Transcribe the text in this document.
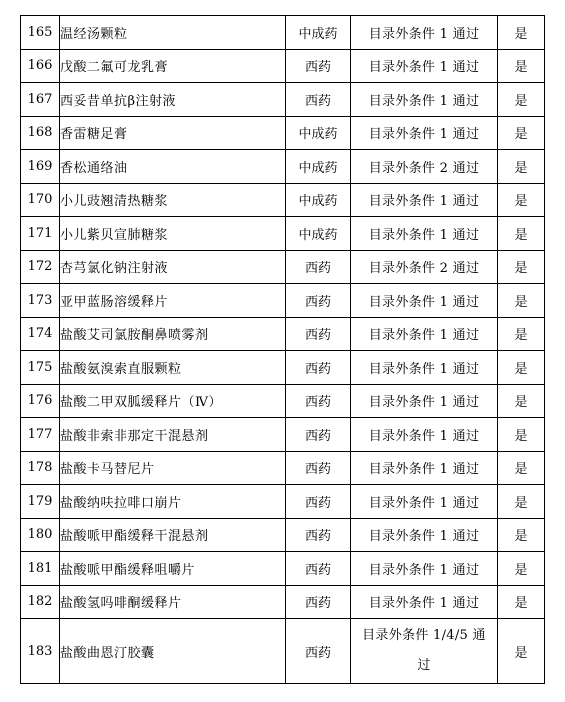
165	温经汤颗粒	中成药	目录外条件 1 通过	是
166	戊酸二氟可龙乳膏	西药	目录外条件 1 通过	是
167	西妥昔单抗β注射液	西药	目录外条件 1 通过	是
168	香雷糖足膏	中成药	目录外条件 1 通过	是
169	香松通络油	中成药	目录外条件 2 通过	是
170	小儿豉翘清热糖浆	中成药	目录外条件 1 通过	是
171	小儿紫贝宣肺糖浆	中成药	目录外条件 1 通过	是
172	杏芎氯化钠注射液	西药	目录外条件 2 通过	是
173	亚甲蓝肠溶缓释片	西药	目录外条件 1 通过	是
174	盐酸艾司氯胺酮鼻喷雾剂	西药	目录外条件 1 通过	是
175	盐酸氨溴索直服颗粒	西药	目录外条件 1 通过	是
176	盐酸二甲双胍缓释片（Ⅳ）	西药	目录外条件 1 通过	是
177	盐酸非索非那定干混悬剂	西药	目录外条件 1 通过	是
178	盐酸卡马替尼片	西药	目录外条件 1 通过	是
179	盐酸纳呋拉啡口崩片	西药	目录外条件 1 通过	是
180	盐酸哌甲酯缓释干混悬剂	西药	目录外条件 1 通过	是
181	盐酸哌甲酯缓释咀嚼片	西药	目录外条件 1 通过	是
182	盐酸氢吗啡酮缓释片	西药	目录外条件 1 通过	是
183	盐酸曲恩汀胶囊	西药	目录外条件 1/4/5 通过	是
